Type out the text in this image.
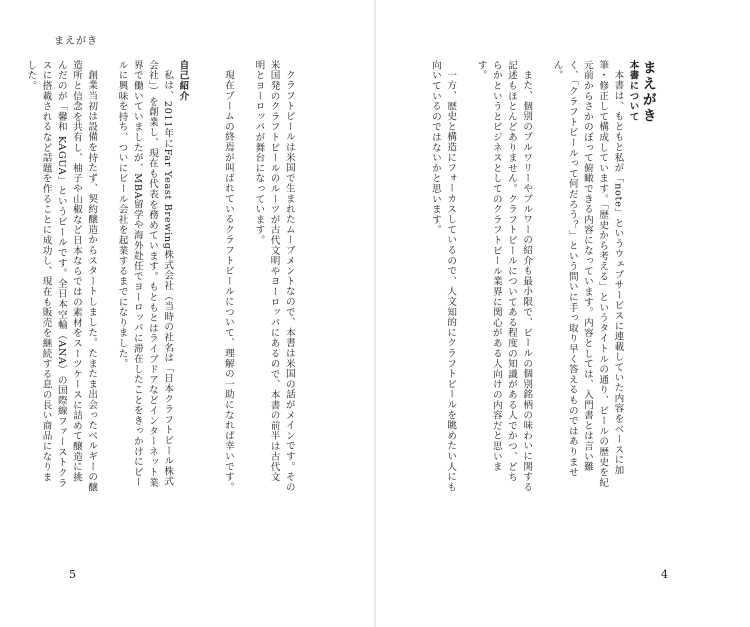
まえがき

クラフトビールは米国で生まれたムーブメントなので、本書は米国の話がメインです。その米国発のクラフトビールのルーツが古代文明やヨーロッパにあるので、本書の前半は古代文明とヨーロッパが舞台になっています。

現在ブームの終焉が叫ばれているクラフトビールについて、理解の一助になれば幸いです。

自己紹介

私は、2011年にFar Yeast Brewing株式会社（当時の社名は「日本クラフトビール株式会社」）を創業し、現在も代表を務めています。もともとはライブドアなどインターネット業界で働いていましたが、MBA留学や海外赴任でヨーロッパに滞在したことをきっかけにビールに興味を持ち、ついにビール会社を起業するまでになりました。

創業当初は設備を持たず、契約醸造からスタートしました。たまたま出会ったベルギーの醸造所と信念を共有し、柚子や山椒など日本ならではの素材をスーツケースに詰めて醸造に挑んだのが「馨和 KAGUA」というビールです。全日本空輸（ANA）の国際線ファーストクラスに搭載されるなど話題を作ることに成功し、現在も販売を継続する息の長い商品になりました。

5

まえがき
本書について

本書は、もともと私が「note」というウェブサービスに連載していた内容をベースに加筆・修正して構成しています。「歴史から考える」というタイトルの通り、ビールの歴史を紀元前からさかのぼって俯瞰できる内容になっています。内容としては、入門書とは言い難く、「クラフトビールって何だろう？」という問いに手っ取り早く答えるものではありません。

また、個別のブルワリーやブルワーの紹介も最小限で、ビールの個別銘柄の味わいに関する記述もほとんどありません。クラフトビールについてある程度の知識がある人でかつ、どちらかというとビジネスとしてのクラフトビール業界に関心がある人向けの内容だと思います。

一方、歴史と構造にフォーカスしているので、人文知的にクラフトビールを眺めたい人にも向いているのではないかと思います。

4
